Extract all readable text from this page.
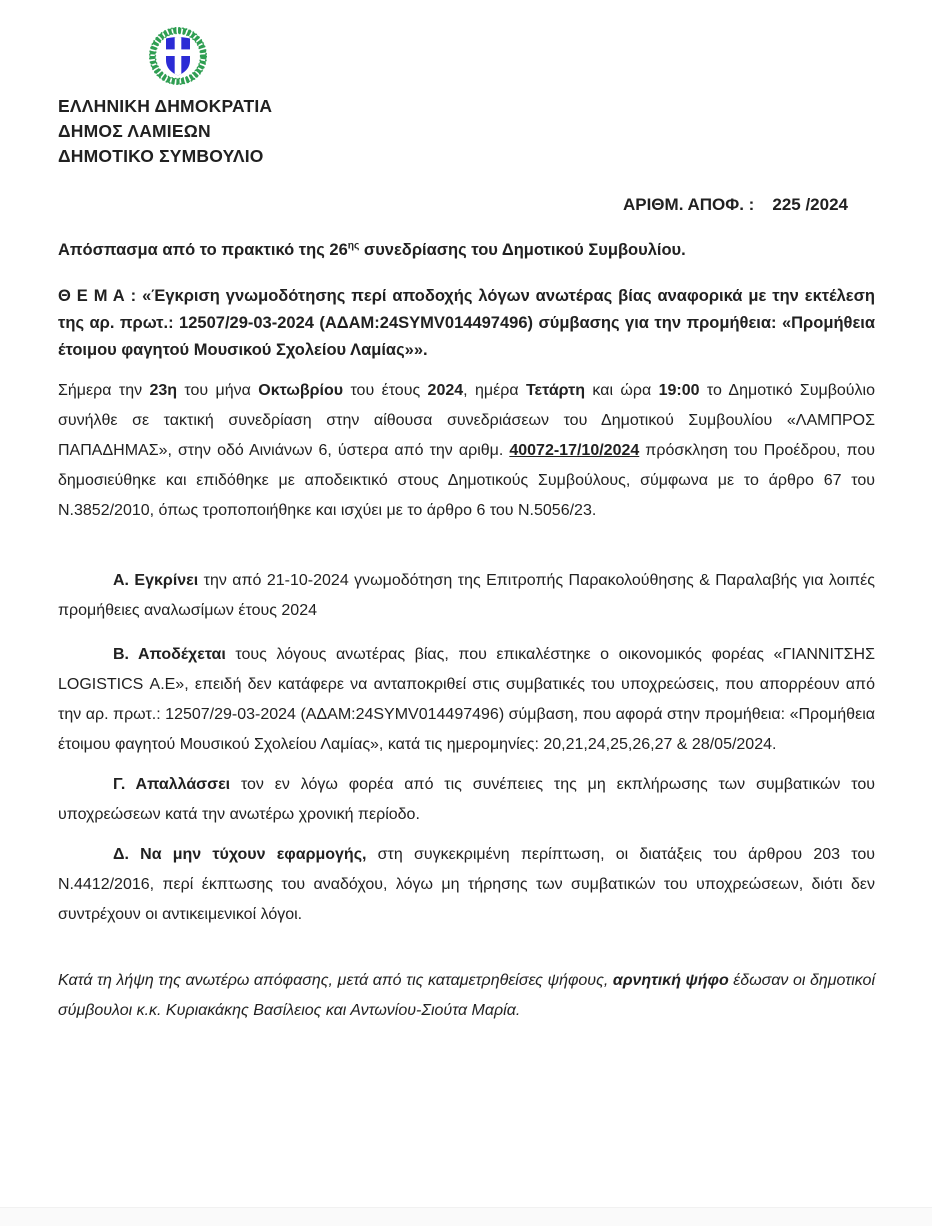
ΕΛΛΗΝΙΚΗ ΔΗΜΟΚΡΑΤΙΑ
ΔΗΜΟΣ ΛΑΜΙΕΩΝ
ΔΗΜΟΤΙΚΟ ΣΥΜΒΟΥΛΙΟ
ΑΡΙΘΜ. ΑΠΟΦ. : 225 /2024
Απόσπασμα από το πρακτικό της $26^{\eta\varsigma}$ συνεδρίασης του Δημοτικού Συμβουλίου.
Θ Ε Μ Α : «Έγκριση γνωμοδότησης περί αποδοχής λόγων ανωτέρας βίας αναφορικά με την εκτέλεση της αρ. πρωτ.: 12507/29-03-2024 (ΑΔΑΜ:24SYMV014497496) σύμβασης για την προμήθεια: «Προμήθεια έτοιμου φαγητού Μουσικού Σχολείου Λαμίας»».
Σήμερα την 23η του μήνα Οκτωβρίου του έτους 2024, ημέρα Τετάρτη και ώρα 19:00 το Δημοτικό Συμβούλιο συνήλθε σε τακτική συνεδρίαση στην αίθουσα συνεδριάσεων του Δημοτικού Συμβουλίου «ΛΑΜΠΡΟΣ ΠΑΠΑΔΗΜΑΣ», στην οδό Αινιάνων 6, ύστερα από την αριθμ. 40072-17/10/2024 πρόσκληση του Προέδρου, που δημοσιεύθηκε και επιδόθηκε με αποδεικτικό στους Δημοτικούς Συμβούλους, σύμφωνα με το άρθρο 67 του Ν.3852/2010, όπως τροποποιήθηκε και ισχύει με το άρθρο 6 του Ν.5056/23.
Α. Εγκρίνει την από 21-10-2024 γνωμοδότηση της Επιτροπής Παρακολούθησης & Παραλαβής για λοιπές προμήθειες αναλωσίμων έτους 2024
Β. Αποδέχεται τους λόγους ανωτέρας βίας, που επικαλέστηκε ο οικονομικός φορέας «ΓΙΑΝΝΙΤΣΗΣ LOGISTICS Α.Ε», επειδή δεν κατάφερε να ανταποκριθεί στις συμβατικές του υποχρεώσεις, που απορρέουν από την αρ. πρωτ.: 12507/29-03-2024 (ΑΔΑΜ:24SYMV014497496) σύμβαση, που αφορά στην προμήθεια: «Προμήθεια έτοιμου φαγητού Μουσικού Σχολείου Λαμίας», κατά τις ημερομηνίες: 20,21,24,25,26,27 & 28/05/2024.
Γ. Απαλλάσσει τον εν λόγω φορέα από τις συνέπειες της μη εκπλήρωσης των συμβατικών του υποχρεώσεων κατά την ανωτέρω χρονική περίοδο.
Δ. Να μην τύχουν εφαρμογής, στη συγκεκριμένη περίπτωση, οι διατάξεις του άρθρου 203 του Ν.4412/2016, περί έκπτωσης του αναδόχου, λόγω μη τήρησης των συμβατικών του υποχρεώσεων, διότι δεν συντρέχουν οι αντικειμενικοί λόγοι.
Κατά τη λήψη της ανωτέρω απόφασης, μετά από τις καταμετρηθείσες ψήφους, αρνητική ψήφο έδωσαν οι δημοτικοί σύμβουλοι κ.κ. Κυριακάκης Βασίλειος και Αντωνίου-Σιούτα Μαρία.
